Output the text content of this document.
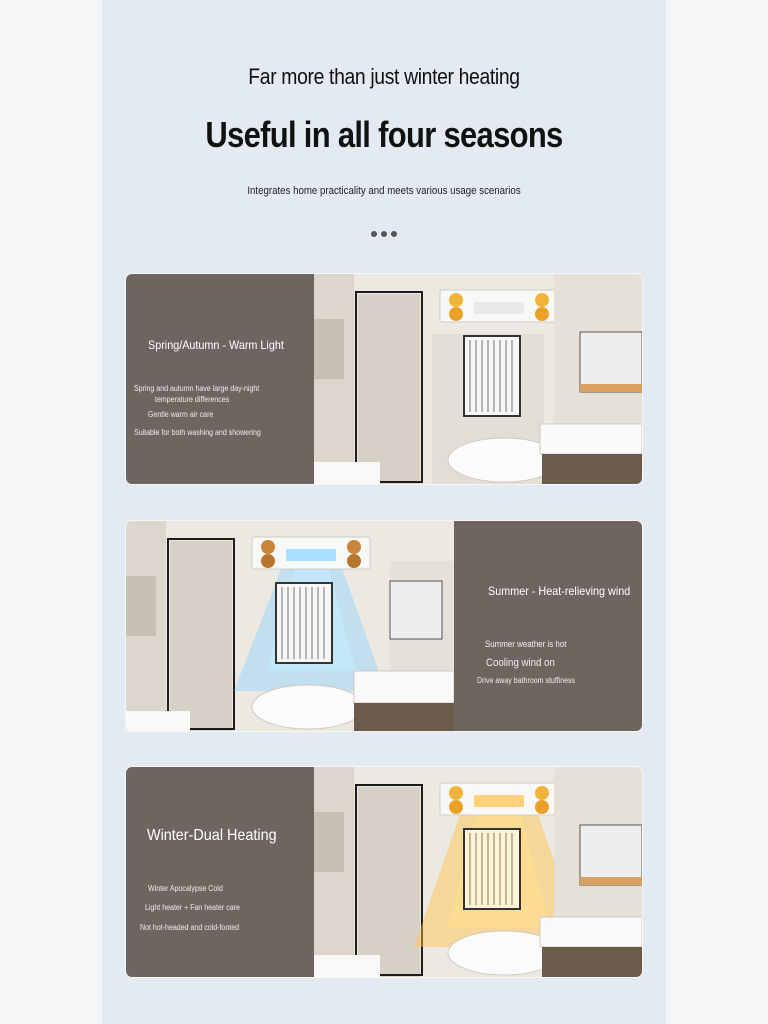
Far more than just winter heating
Useful in all four seasons
Integrates home practicality and meets various usage scenarios
Spring/Autumn - Warm Light
Spring and autumn have large day-night
temperature differences
Gentle warm air care
Suitable for both washing and showering
Summer - Heat-relieving wind
Summer weather is hot
Cooling wind on
Drive away bathroom stuffiness
Winter-Dual Heating
Winter Apocalypse Cold
Light heater + Fan heater care
Not hot-headed and cold-footed
